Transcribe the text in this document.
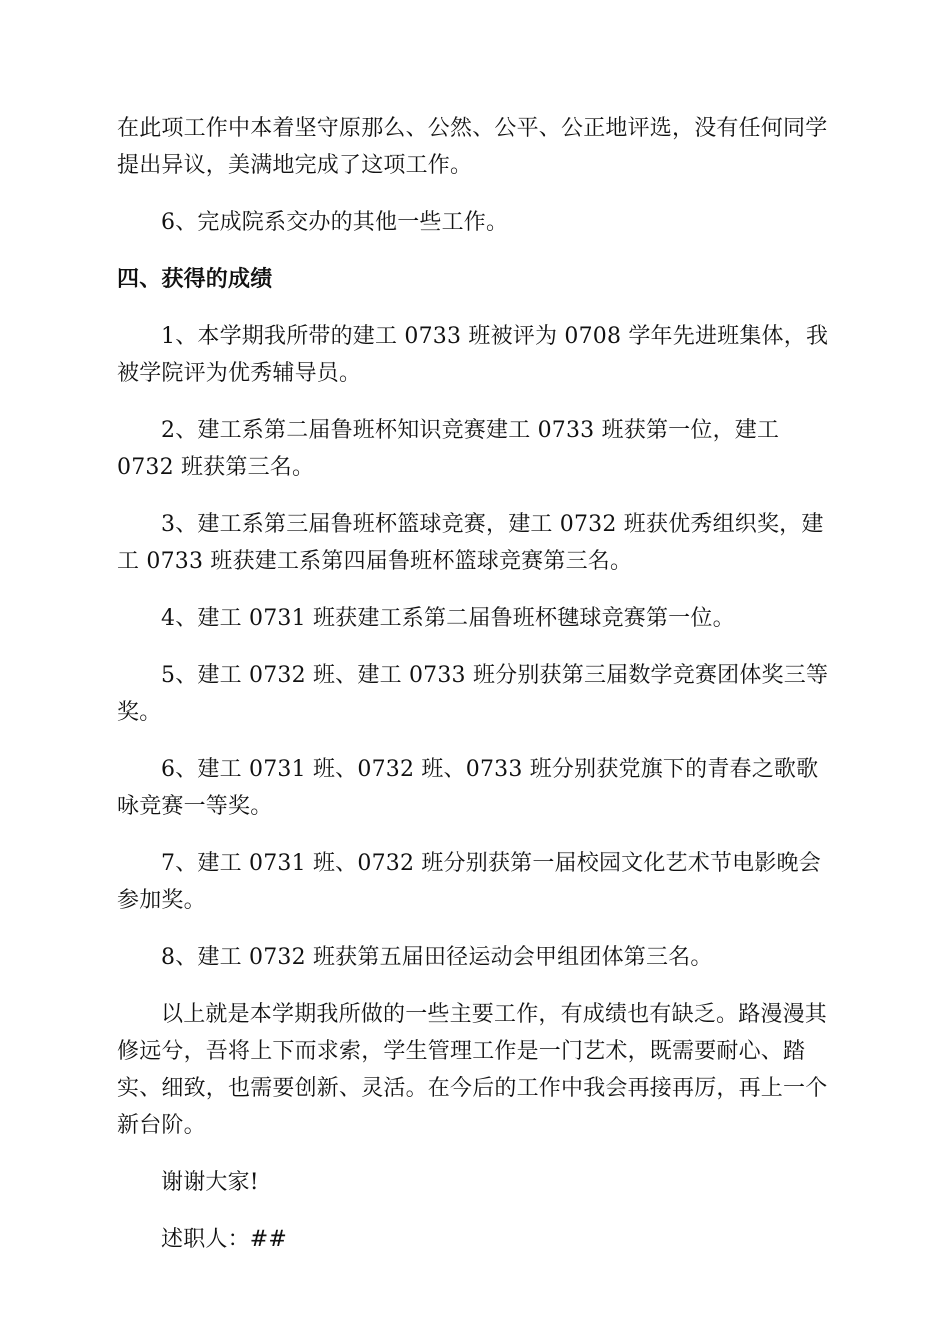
在此项工作中本着坚守原那么、公然、公平、公正地评选，没有任何同学提出异议，美满地完成了这项工作。

6、完成院系交办的其他一些工作。

四、获得的成绩

1、本学期我所带的建工 0733 班被评为 0708 学年先进班集体，我被学院评为优秀辅导员。

2、建工系第二届鲁班杯知识竞赛建工 0733 班获第一位，建工 0732 班获第三名。

3、建工系第三届鲁班杯篮球竞赛，建工 0732 班获优秀组织奖，建工 0733 班获建工系第四届鲁班杯篮球竞赛第三名。

4、建工 0731 班获建工系第二届鲁班杯毽球竞赛第一位。

5、建工 0732 班、建工 0733 班分别获第三届数学竞赛团体奖三等奖。

6、建工 0731 班、0732 班、0733 班分别获党旗下的青春之歌歌咏竞赛一等奖。

7、建工 0731 班、0732 班分别获第一届校园文化艺术节电影晚会参加奖。

8、建工 0732 班获第五届田径运动会甲组团体第三名。

以上就是本学期我所做的一些主要工作，有成绩也有缺乏。路漫漫其修远兮，吾将上下而求索，学生管理工作是一门艺术，既需要耐心、踏实、细致，也需要创新、灵活。在今后的工作中我会再接再厉，再上一个新台阶。

谢谢大家!

述职人：##
